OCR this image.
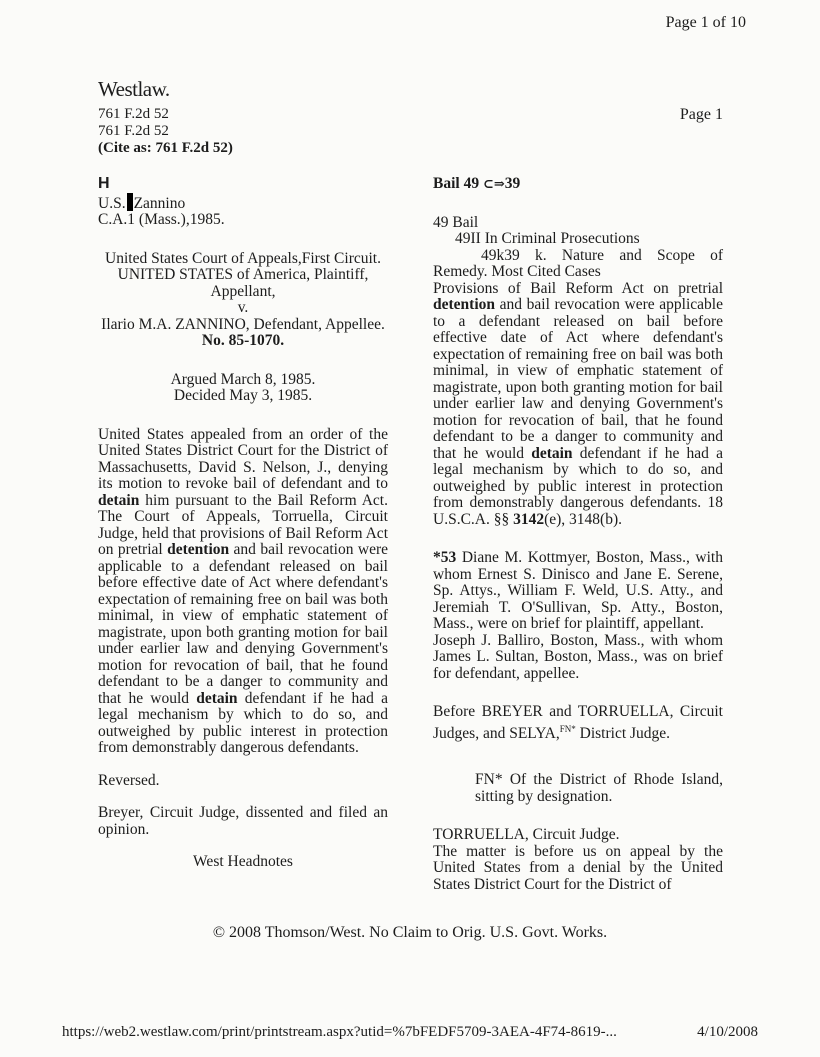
Page 1 of 10
Westlaw.
761 F.2d 52
761 F.2d 52
(Cite as: 761 F.2d 52)
Page 1
H
U.S. Zannino
C.A.1 (Mass.),1985.
United States Court of Appeals,First Circuit.
UNITED STATES of America, Plaintiff, Appellant,
v.
Ilario M.A. ZANNINO, Defendant, Appellee.
No. 85-1070.
Argued March 8, 1985.
Decided May 3, 1985.

United States appealed from an order of the United States District Court for the District of Massachusetts, David S. Nelson, J., denying its motion to revoke bail of defendant and to detain him pursuant to the Bail Reform Act. The Court of Appeals, Torruella, Circuit Judge, held that provisions of Bail Reform Act on pretrial detention and bail revocation were applicable to a defendant released on bail before effective date of Act where defendant's expectation of remaining free on bail was both minimal, in view of emphatic statement of magistrate, upon both granting motion for bail under earlier law and denying Government's motion for revocation of bail, that he found defendant to be a danger to community and that he would detain defendant if he had a legal mechanism by which to do so, and outweighed by public interest in protection from demonstrably dangerous defendants.

Reversed.

Breyer, Circuit Judge, dissented and filed an opinion.

West Headnotes
Bail 49 ⊂⇒39
49 Bail
49II In Criminal Prosecutions
49k39 k. Nature and Scope of Remedy. Most Cited Cases

Provisions of Bail Reform Act on pretrial detention and bail revocation were applicable to a defendant released on bail before effective date of Act where defendant's expectation of remaining free on bail was both minimal, in view of emphatic statement of magistrate, upon both granting motion for bail under earlier law and denying Government's motion for revocation of bail, that he found defendant to be a danger to community and that he would detain defendant if he had a legal mechanism by which to do so, and outweighed by public interest in protection from demonstrably dangerous defendants. 18 U.S.C.A. §§ 3142(e), 3148(b).

*53 Diane M. Kottmyer, Boston, Mass., with whom Ernest S. Dinisco and Jane E. Serene, Sp. Attys., William F. Weld, U.S. Atty., and Jeremiah T. O'Sullivan, Sp. Atty., Boston, Mass., were on brief for plaintiff, appellant.

Joseph J. Balliro, Boston, Mass., with whom James L. Sultan, Boston, Mass., was on brief for defendant, appellee.

Before BREYER and TORRUELLA, Circuit Judges, and SELYA,$^{FN*}$ District Judge.

FN* Of the District of Rhode Island, sitting by designation.

TORRUELLA, Circuit Judge.

The matter is before us on appeal by the United States from a denial by the United States District Court for the District of

© 2008 Thomson/West. No Claim to Orig. U.S. Govt. Works.
https://web2.westlaw.com/print/printstream.aspx?utid=%7bFEDF5709-3AEA-4F74-8619-...	4/10/2008
